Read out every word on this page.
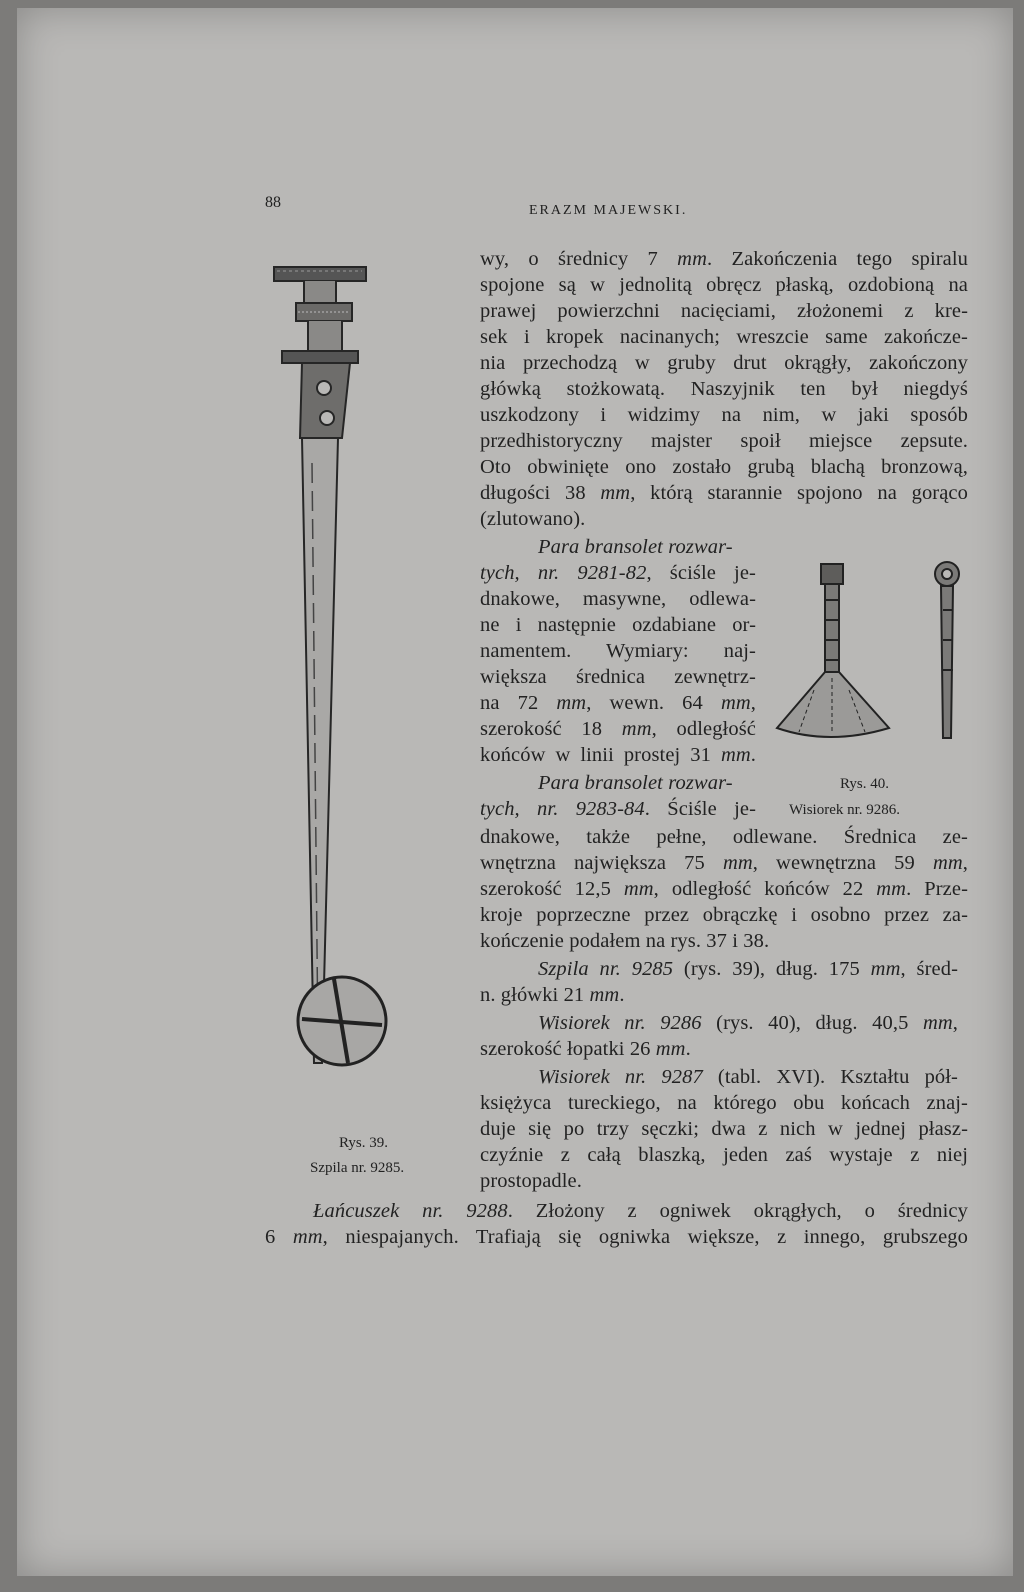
88	ERAZM MAJEWSKI.
wy, o średnicy 7 mm. Zakończenia tego spiralu
spojone są w jednolitą obręcz płaską, ozdobioną na
prawej powierzchni nacięciami, złożonemi z kre-
sek i kropek nacinanych; wreszcie same zakończe-
nia przechodzą w gruby drut okrągły, zakończony
główką stożkowatą. Naszyjnik ten był niegdyś
uszkodzony i widzimy na nim, w jaki sposób
przedhistoryczny majster spoił miejsce zepsute.
Oto obwinięte ono zostało grubą blachą bronzową,
długości 38 mm, którą starannie spojono na gorąco
(zlutowano).
Para bransolet rozwar-
tych, nr. 9281-82, ściśle je-
dnakowe, masywne, odlewa-
ne i następnie ozdabiane or-
namentem. Wymiary: naj-
większa średnica zewnętrz-
na 72 mm, wewn. 64 mm,
szerokość 18 mm, odległość
końców w linii prostej 31 mm.
Para bransolet rozwar-
tych, nr. 9283-84. Ściśle je-
dnakowe, także pełne, odlewane. Średnica ze-
wnętrzna największa 75 mm, wewnętrzna 59 mm,
szerokość 12,5 mm, odległość końców 22 mm. Prze-
kroje poprzeczne przez obrączkę i osobno przez za-
kończenie podałem na rys. 37 i 38.
Szpila nr. 9285 (rys. 39), dług. 175 mm, śred-
n. główki 21 mm.
Wisiorek nr. 9286 (rys. 40), dług. 40,5 mm,
szerokość łopatki 26 mm.
Wisiorek nr. 9287 (tabl. XVI). Kształtu pół-
księżyca tureckiego, na którego obu końcach znaj-
duje się po trzy sęczki; dwa z nich w jednej płasz-
czyźnie z całą blaszką, jeden zaś wystaje z niej
prostopadle.
Łańcuszek nr. 9288. Złożony z ogniwek okrągłych, o średnicy
6 mm, niespajanych. Trafiają się ogniwka większe, z innego, grubszego
Rys. 39.
Szpila nr. 9285.
Rys. 40.
Wisiorek nr. 9286.
